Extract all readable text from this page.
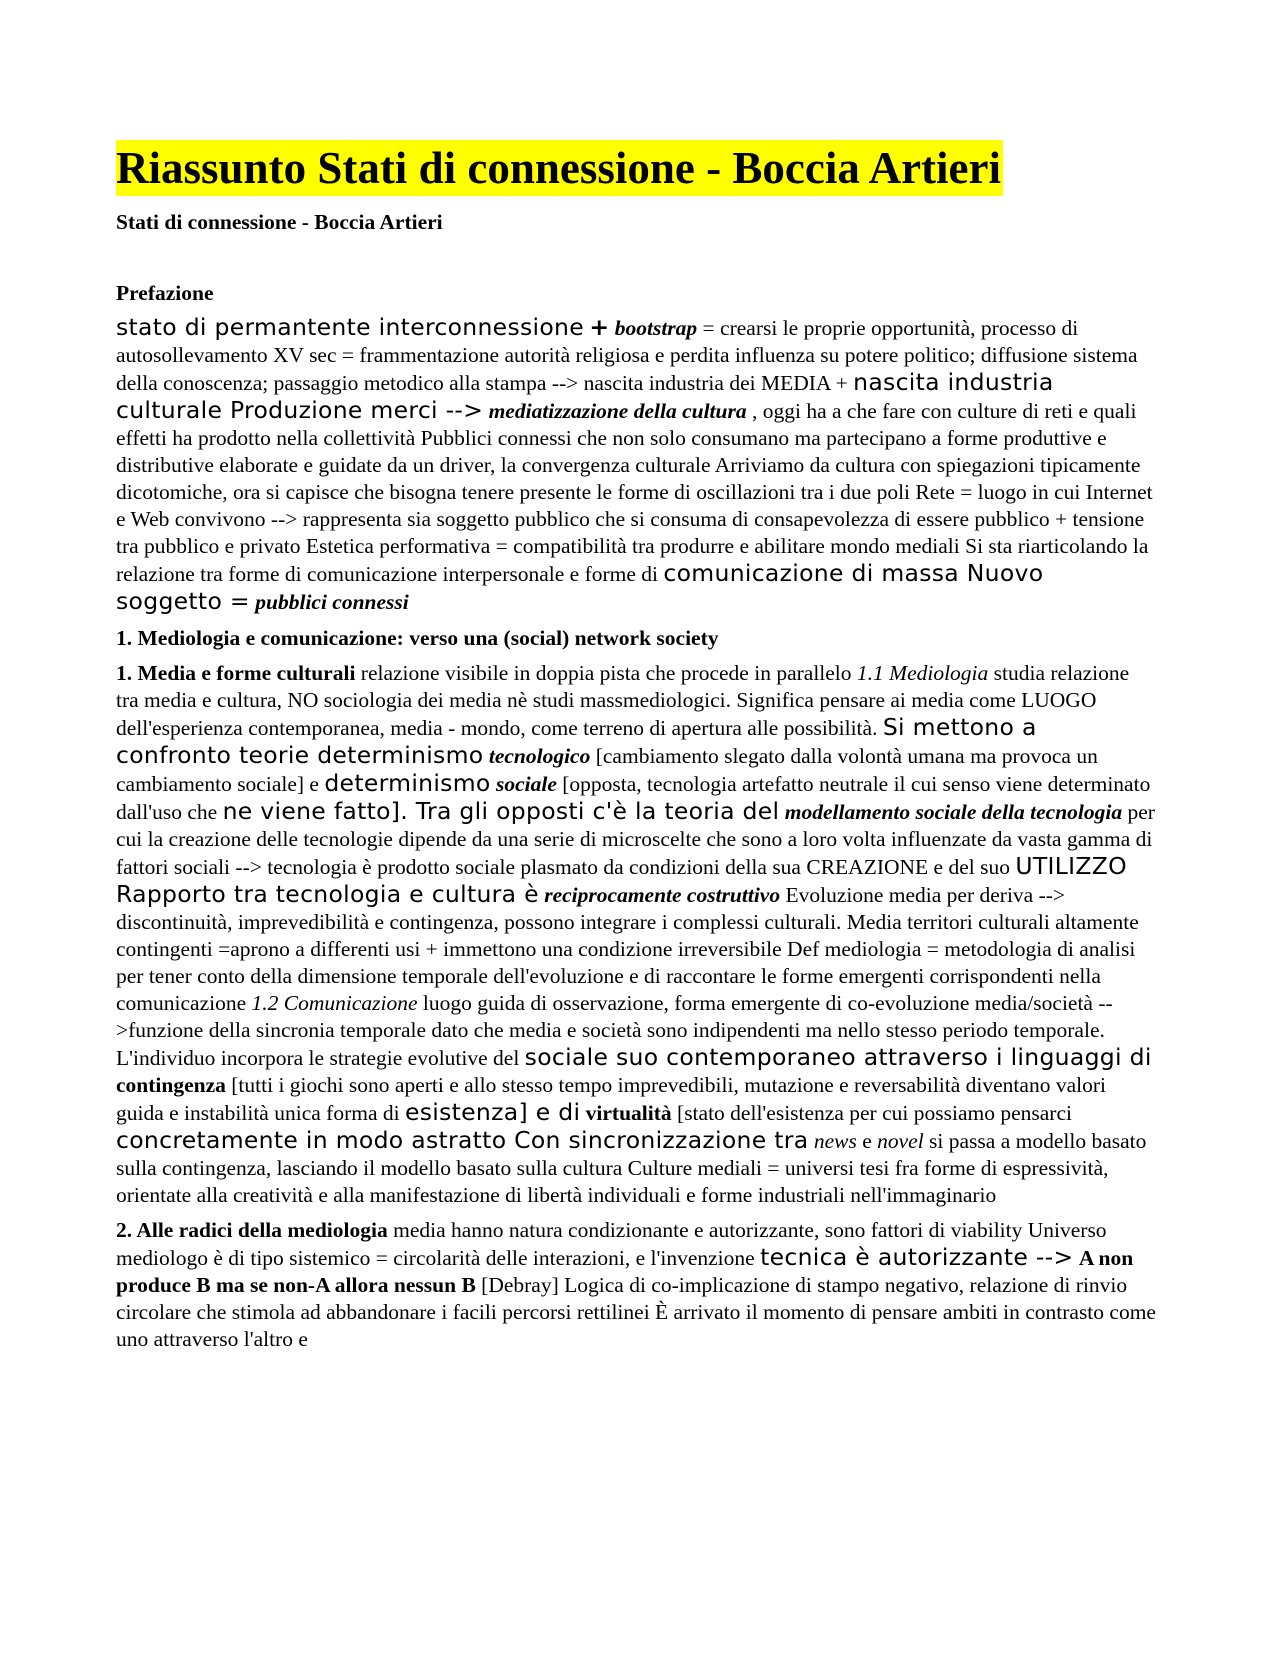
Riassunto Stati di connessione - Boccia Artieri
Stati di connessione - Boccia Artieri
Prefazione

stato di permantente interconnessione + bootstrap = crearsi le proprie opportunità, processo di autosollevamento XV sec = frammentazione autorità religiosa e perdita influenza su potere politico; diffusione sistema della conoscenza; passaggio metodico alla stampa --> nascita industria dei MEDIA + nascita industria culturale Produzione merci --> mediatizzazione della cultura , oggi ha a che fare con culture di reti e quali effetti ha prodotto nella collettività Pubblici connessi che non solo consumano ma partecipano a forme produttive e distributive elaborate e guidate da un driver, la convergenza culturale Arriviamo da cultura con spiegazioni tipicamente dicotomiche, ora si capisce che bisogna tenere presente le forme di oscillazioni tra i due poli Rete = luogo in cui Internet e Web convivono --> rappresenta sia soggetto pubblico che si consuma di consapevolezza di essere pubblico + tensione tra pubblico e privato Estetica performativa = compatibilità tra produrre e abilitare mondo mediali Si sta riarticolando la relazione tra forme di comunicazione interpersonale e forme di comunicazione di massa Nuovo soggetto = pubblici connessi

1. Mediologia e comunicazione: verso una (social) network society

1. Media e forme culturali relazione visibile in doppia pista che procede in parallelo 1.1 Mediologia studia relazione tra media e cultura, NO sociologia dei media nè studi massmediologici. Significa pensare ai media come LUOGO dell'esperienza contemporanea, media - mondo, come terreno di apertura alle possibilità. Si mettono a confronto teorie determinismo tecnologico [cambiamento slegato dalla volontà umana ma provoca un cambiamento sociale] e determinismo sociale [opposta, tecnologia artefatto neutrale il cui senso viene determinato dall'uso che ne viene fatto]. Tra gli opposti c'è la teoria del modellamento sociale della tecnologia per cui la creazione delle tecnologie dipende da una serie di microscelte che sono a loro volta influenzate da vasta gamma di fattori sociali --> tecnologia è prodotto sociale plasmato da condizioni della sua CREAZIONE e del suo UTILIZZO Rapporto tra tecnologia e cultura è reciprocamente costruttivo Evoluzione media per deriva --> discontinuità, imprevedibilità e contingenza, possono integrare i complessi culturali. Media territori culturali altamente contingenti =aprono a differenti usi + immettono una condizione irreversibile Def mediologia = metodologia di analisi per tener conto della dimensione temporale dell'evoluzione e di raccontare le forme emergenti corrispondenti nella comunicazione 1.2 Comunicazione luogo guida di osservazione, forma emergente di co-evoluzione media/società -->funzione della sincronia temporale dato che media e società sono indipendenti ma nello stesso periodo temporale. L'individuo incorpora le strategie evolutive del sociale suo contemporaneo attraverso i linguaggi di contingenza [tutti i giochi sono aperti e allo stesso tempo imprevedibili, mutazione e reversabilità diventano valori guida e instabilità unica forma di esistenza] e di virtualità [stato dell'esistenza per cui possiamo pensarci concretamente in modo astratto Con sincronizzazione tra news e novel si passa a modello basato sulla contingenza, lasciando il modello basato sulla cultura Culture mediali = universi tesi fra forme di espressività, orientate alla creatività e alla manifestazione di libertà individuali e forme industriali nell'immaginario

2. Alle radici della mediologia media hanno natura condizionante e autorizzante, sono fattori di viability Universo mediologo è di tipo sistemico = circolarità delle interazioni, e l'invenzione tecnica è autorizzante --> A non produce B ma se non-A allora nessun B [Debray] Logica di co-implicazione di stampo negativo, relazione di rinvio circolare che stimola ad abbandonare i facili percorsi rettilinei È arrivato il momento di pensare ambiti in contrasto come uno attraverso l'altro e
